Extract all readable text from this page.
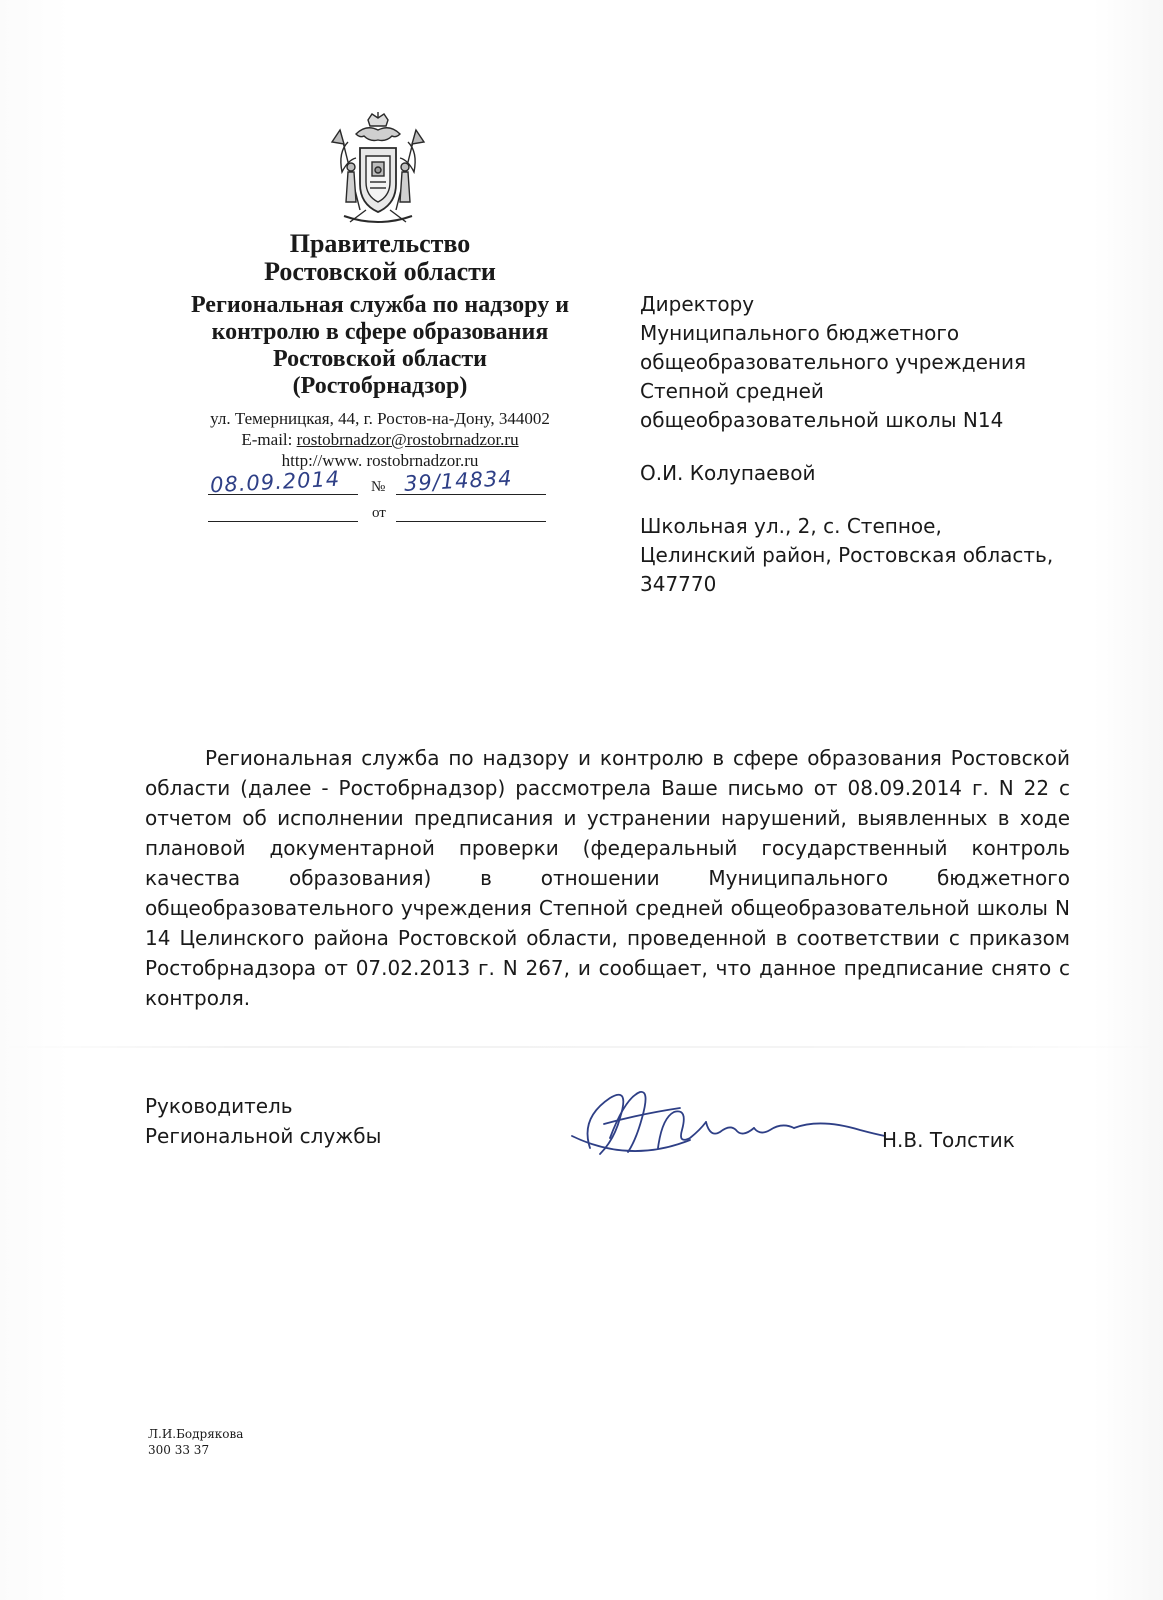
Правительство

Ростовской области

Региональная служба по надзору и

контролю в сфере образования

Ростовской области

(Ростобрнадзор)

ул. Темерницкая, 44, г. Ростов-на-Дону, 344002
E-mail: rostobrnadzor@rostobrnadzor.ru
http://www. rostobrnadzor.ru
08.09.2014 № 39/14834
от

Директору

Муниципального бюджетного

общеобразовательного учреждения

Степной средней

общеобразовательной школы N14

О.И. Колупаевой

Школьная ул., 2, с. Степное,

Целинский район, Ростовская область,

347770

Региональная служба по надзору и контролю в сфере образования Ростовской области (далее - Ростобрнадзор) рассмотрела Ваше письмо от 08.09.2014 г. N 22 с отчетом об исполнении предписания и устранении нарушений, выявленных в ходе плановой документарной проверки (федеральный государственный контроль качества образования) в отношении Муниципального бюджетного общеобразовательного учреждения Степной средней общеобразовательной школы N 14 Целинского района Ростовской области, проведенной в соответствии с приказом Ростобрнадзора от 07.02.2013 г. N 267, и сообщает, что данное предписание снято с контроля.

Руководитель

Региональной службы	Н.В. Толстик

Л.И.Бодрякова

300 33 37
